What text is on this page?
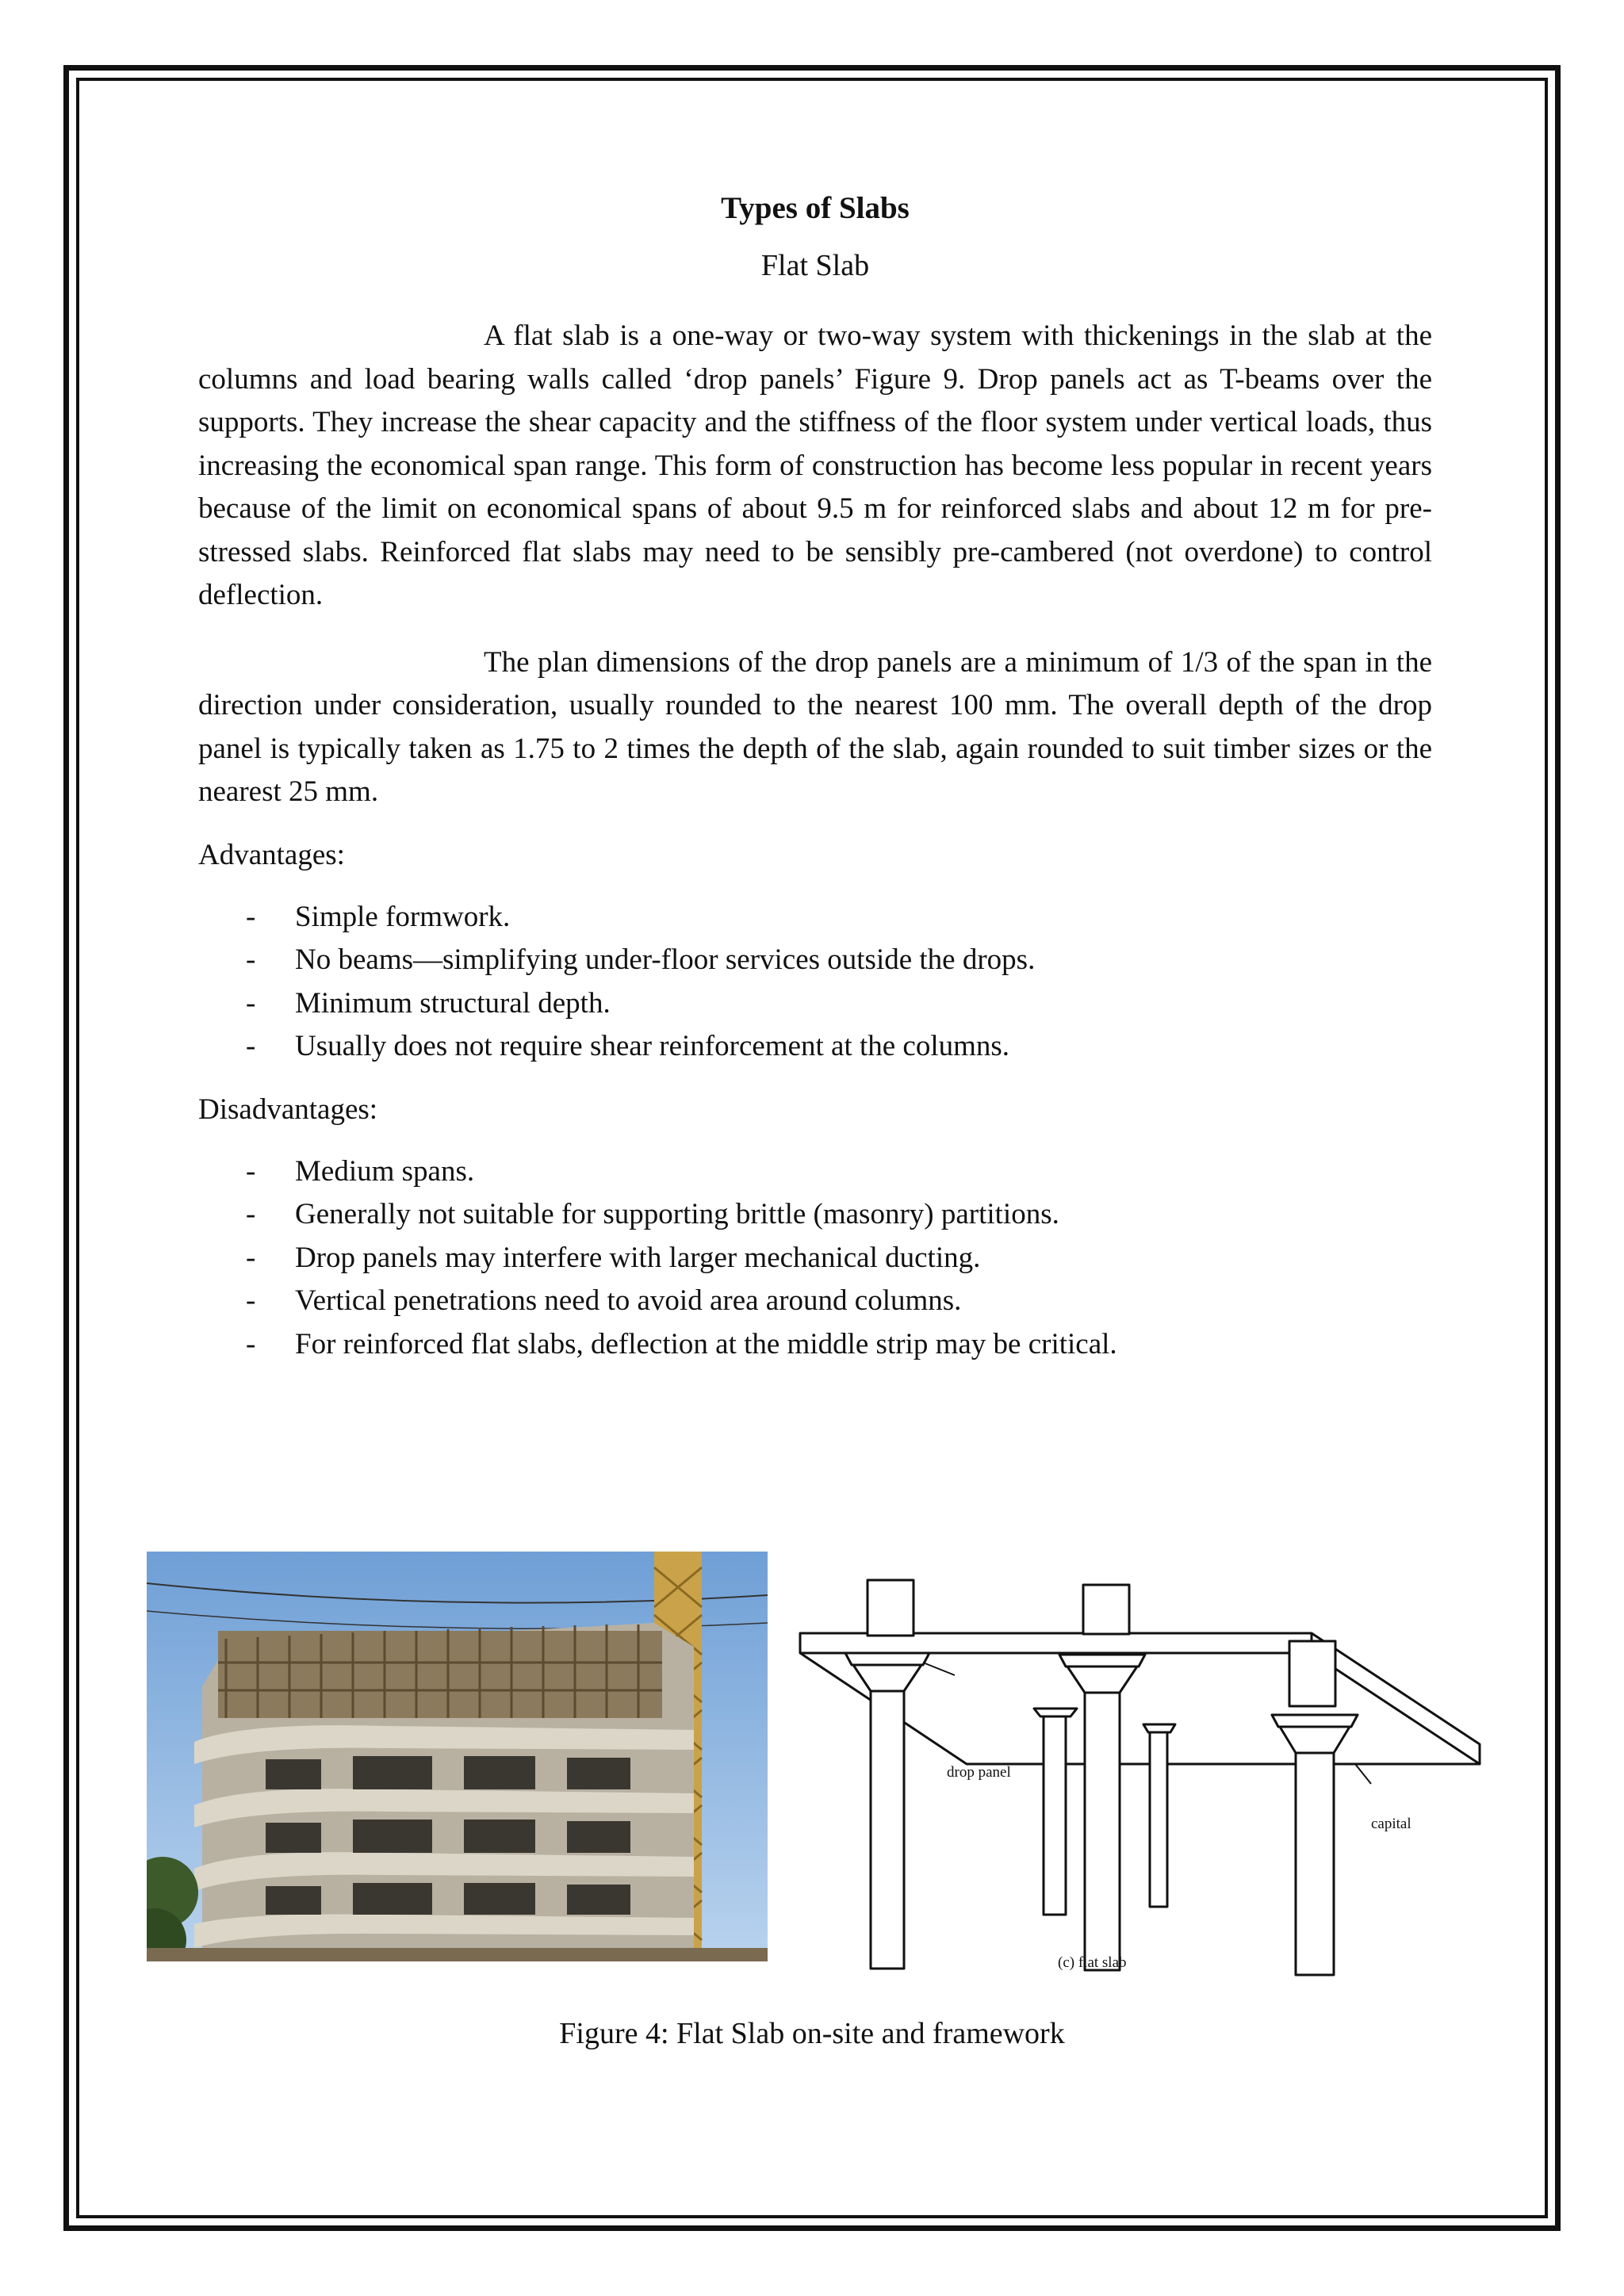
Types of Slabs
Flat Slab

A flat slab is a one-way or two-way system with thickenings in the slab at the columns and load bearing walls called ‘drop panels’ Figure 9. Drop panels act as T-beams over the supports. They increase the shear capacity and the stiffness of the floor system under vertical loads, thus increasing the economical span range. This form of construction has become less popular in recent years because of the limit on economical spans of about 9.5 m for reinforced slabs and about 12 m for pre-stressed slabs. Reinforced flat slabs may need to be sensibly pre-cambered (not overdone) to control deflection.

The plan dimensions of the drop panels are a minimum of 1/3 of the span in the direction under consideration, usually rounded to the nearest 100 mm. The overall depth of the drop panel is typically taken as 1.75 to 2 times the depth of the slab, again rounded to suit timber sizes or the nearest 25 mm.

Advantages:
- Simple formwork.
- No beams—simplifying under-floor services outside the drops.
- Minimum structural depth.
- Usually does not require shear reinforcement at the columns.
Disadvantages:
- Medium spans.
- Generally not suitable for supporting brittle (masonry) partitions.
- Drop panels may interfere with larger mechanical ducting.
- Vertical penetrations need to avoid area around columns.
- For reinforced flat slabs, deflection at the middle strip may be critical.
drop panel
capital
(c) flat slab
Figure 4: Flat Slab on-site and framework
